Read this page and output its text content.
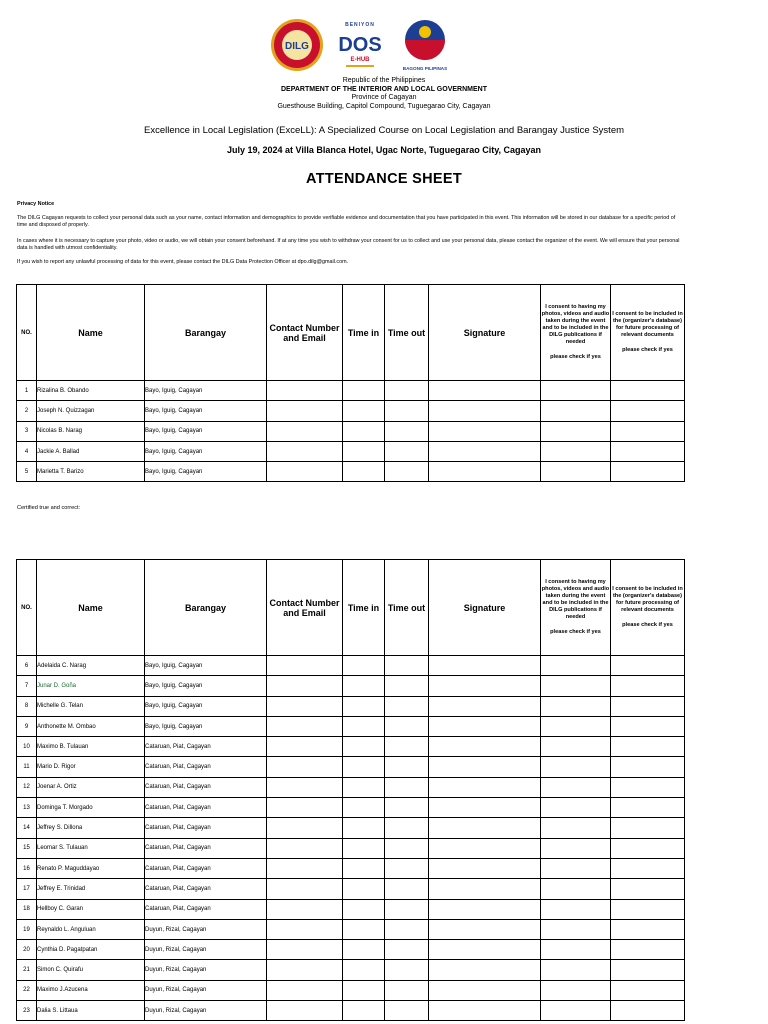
DILG
BENIYON
DOS
E-HUB
BAGONG PILIPINAS
Republic of the Philippines
DEPARTMENT OF THE INTERIOR AND LOCAL GOVERNMENT
Province of Cagayan
Guesthouse Building, Capitol Compound, Tuguegarao City, Cagayan
Excellence in Local Legislation (ExceLL): A Specialized Course on Local Legislation and Barangay Justice System
July 19, 2024 at Villa Blanca Hotel, Ugac Norte, Tuguegarao City, Cagayan
ATTENDANCE SHEET
Privacy Notice
The DILG Cagayan requests to collect your personal data such as your name, contact information and demographics to provide verifiable evidence and documentation that you have participated in this event. This information will be stored in our database for a specific period of time and disposed of properly.
In cases where it is necessary to capture your photo, video or audio, we will obtain your consent beforehand. If at any time you wish to withdraw your consent for us to collect and use your personal data, please contact the organizer of the event. We will ensure that your personal data is handled with utmost confidentiality.
If you wish to report any unlawful processing of data for this event, please contact the DILG Data Protection Officer at dpo.dilg@gmail.com.
NO.	Name	Barangay	Contact Number and Email	Time in	Time out	Signature	I consent to having my photos, videos and audio taken during the event and to be included in the DILG publications if needed
please check if yes	I consent to be included in the (organizer's database) for future processing of relevant documents
please check if yes

1	Rizalina B. Obando	Bayo, Iguig, Cagayan						
2	Joseph N. Quizzagan	Bayo, Iguig, Cagayan						
3	Nicolas B. Narag	Bayo, Iguig, Cagayan						
4	Jackie A. Ballad	Bayo, Iguig, Cagayan						
5	Marietta T. Barizo	Bayo, Iguig, Cagayan						
Certified true and correct:
NO.	Name	Barangay	Contact Number and Email	Time in	Time out	Signature	I consent to having my photos, videos and audio taken during the event and to be included in the DILG publications if needed
please check if yes	I consent to be included in the (organizer's database) for future processing of relevant documents
please check if yes

6	Adelaida C. Narag	Bayo, Iguig, Cagayan						
7	Junar D. Goña	Bayo, Iguig, Cagayan						
8	Michelle G. Telan	Bayo, Iguig, Cagayan						
9	Anthonette M. Ombao	Bayo, Iguig, Cagayan						
10	Maximo B. Tulauan	Cataruan, Piat, Cagayan						
11	Mario D. Rigor	Cataruan, Piat, Cagayan						
12	Joenar A. Ortiz	Cataruan, Piat, Cagayan						
13	Dominga T. Morgado	Cataruan, Piat, Cagayan						
14	Jeffrey S. Dillona	Cataruan, Piat, Cagayan						
15	Leomar S. Tulauan	Cataruan, Piat, Cagayan						
16	Renato P. Maguddayao	Cataruan, Piat, Cagayan						
17	Jeffrey E. Trinidad	Cataruan, Piat, Cagayan						
18	Hellboy C. Garan	Cataruan, Piat, Cagayan						
19	Reynaldo L. Anguluan	Duyun, Rizal, Cagayan						
20	Cynthia D. Pagatpatan	Duyun, Rizal, Cagayan						
21	Simon C. Quirafu	Duyun, Rizal, Cagayan						
22	Maximo J.Azucena	Duyun, Rizal, Cagayan						
23	Dalia S. Littaua	Duyun, Rizal, Cagayan						
